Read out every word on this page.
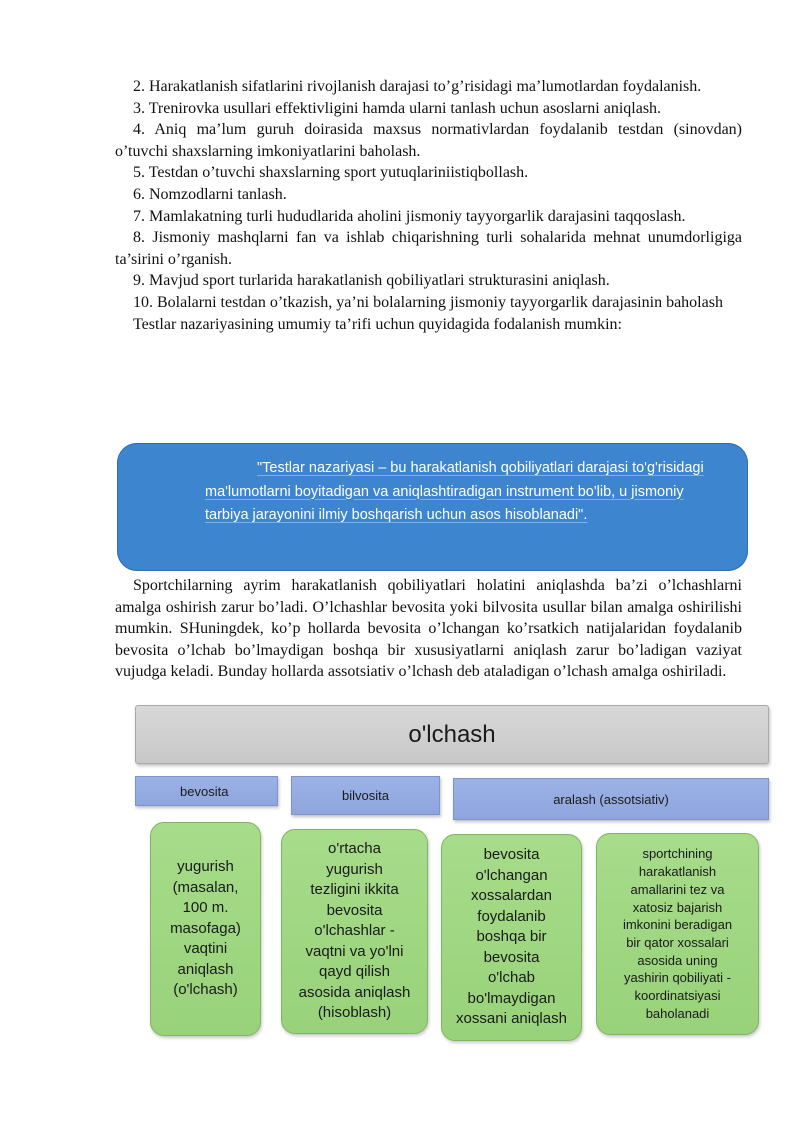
2. Harakatlanish sifatlarini rivojlanish darajasi to’g’risidagi ma’lumotlardan foydalanish.

3. Trenirovka usullari effektivligini hamda ularni tanlash uchun asoslarni aniqlash.

4. Aniq ma’lum guruh doirasida maxsus normativlardan foydalanib testdan (sinovdan) o’tuvchi shaxslarning imkoniyatlarini baholash.

5. Testdan o’tuvchi shaxslarning sport yutuqlariniistiqbollash.

6. Nomzodlarni tanlash.

7. Mamlakatning turli hududlarida aholini jismoniy tayyorgarlik darajasini taqqoslash.

8. Jismoniy mashqlarni fan va ishlab chiqarishning turli sohalarida mehnat unumdorligiga ta’sirini o’rganish.

9. Mavjud sport turlarida harakatlanish qobiliyatlari strukturasini aniqlash.

10. Bolalarni testdan o’tkazish, ya’ni bolalarning jismoniy tayyorgarlik darajasinin baholash

Testlar nazariyasining umumiy ta’rifi uchun quyidagida fodalanish mumkin:

"Testlar nazariyasi – bu harakatlanish qobiliyatlari darajasi to'g'risidagi ma'lumotlarni boyitadigan va aniqlashtiradigan instrument bo'lib, u jismoniy tarbiya jarayonini ilmiy boshqarish uchun asos hisoblanadi".

Sportchilarning ayrim harakatlanish qobiliyatlari holatini aniqlashda ba’zi o’lchashlarni amalga oshirish zarur bo’ladi. O’lchashlar bevosita yoki bilvosita usullar bilan amalga oshirilishi mumkin. SHuningdek, ko’p hollarda bevosita o’lchangan ko’rsatkich natijalaridan foydalanib bevosita o’lchab bo’lmaydigan boshqa bir xususiyatlarni aniqlash zarur bo’ladigan vaziyat vujudga keladi. Bunday hollarda assotsiativ o’lchash deb ataladigan o’lchash amalga oshiriladi.

o'lchash
bevosita	bilvosita	aralash (assotsiativ)
yugurish
(masalan,
100 m.
masofaga)
vaqtini
aniqlash
(o'lchash)
o'rtacha
yugurish
tezligini ikkita
bevosita
o'lchashlar -
vaqtni va yo'lni
qayd qilish
asosida aniqlash
(hisoblash)
bevosita
o'lchangan
xossalardan
foydalanib
boshqa bir
bevosita
o'lchab
bo'lmaydigan
xossani aniqlash
sportchining
harakatlanish
amallarini tez va
xatosiz bajarish
imkonini beradigan
bir qator xossalari
asosida uning
yashirin qobiliyati -
koordinatsiyasi
baholanadi
